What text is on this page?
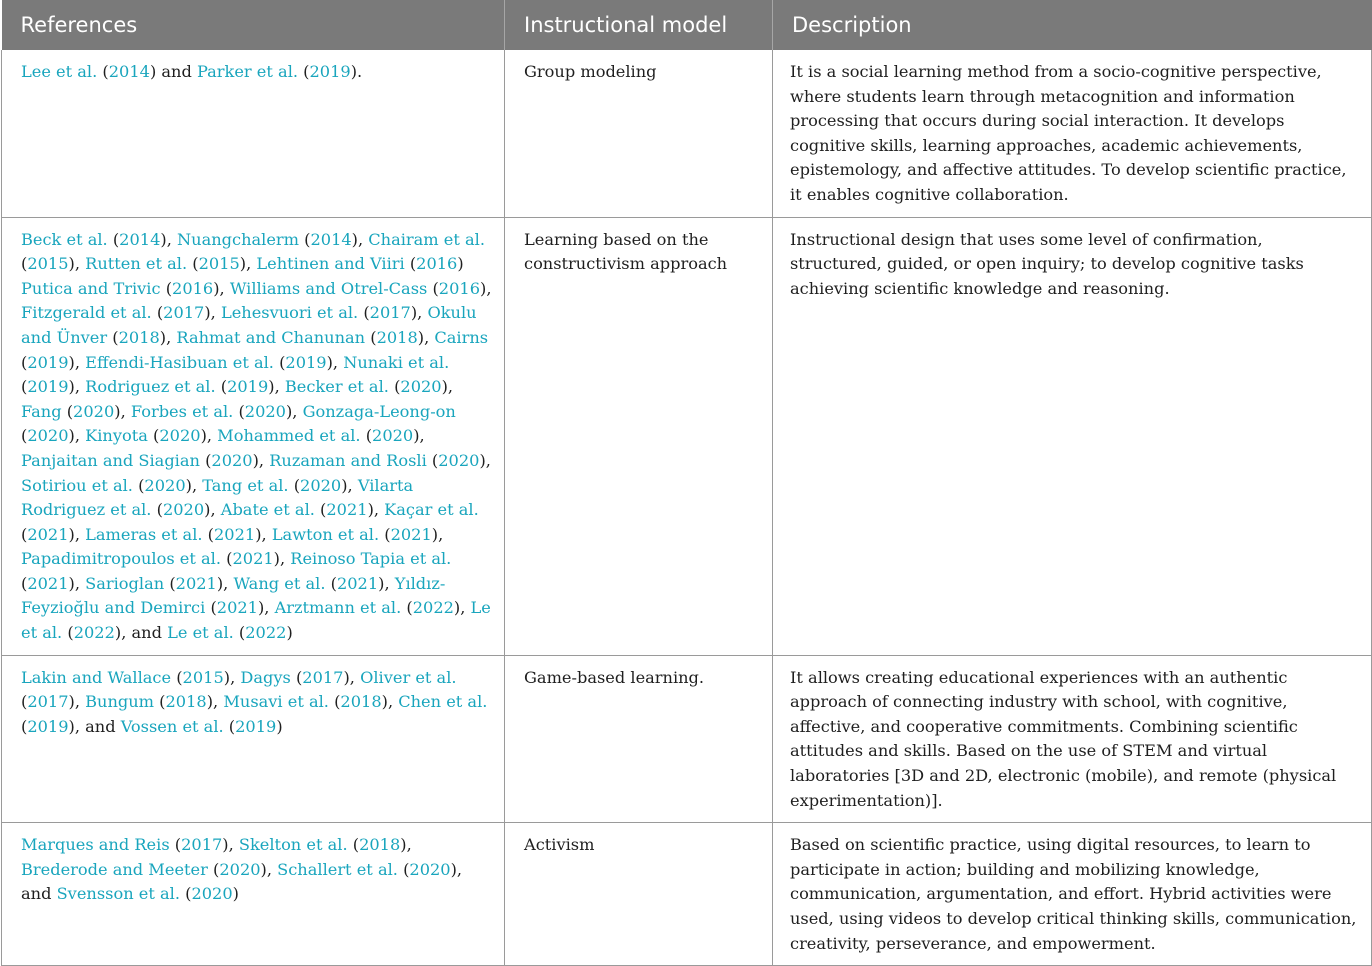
References	Instructional model	Description
Lee et al. (2014) and Parker et al. (2019).	Group modeling	It is a social learning method from a socio-cognitive perspective, where students learn through metacognition and information processing that occurs during social interaction. It develops cognitive skills, learning approaches, academic achievements, epistemology, and affective attitudes. To develop scientific practice, it enables cognitive collaboration.
Beck et al. (2014), Nuangchalerm (2014), Chairam et al. (2015), Rutten et al. (2015), Lehtinen and Viiri (2016) Putica and Trivic (2016), Williams and Otrel-Cass (2016), Fitzgerald et al. (2017), Lehesvuori et al. (2017), Okulu and Ünver (2018), Rahmat and Chanunan (2018), Cairns (2019), Effendi-Hasibuan et al. (2019), Nunaki et al. (2019), Rodriguez et al. (2019), Becker et al. (2020), Fang (2020), Forbes et al. (2020), Gonzaga-Leong-on (2020), Kinyota (2020), Mohammed et al. (2020), Panjaitan and Siagian (2020), Ruzaman and Rosli (2020), Sotiriou et al. (2020), Tang et al. (2020), Vilarta Rodriguez et al. (2020), Abate et al. (2021), Kaçar et al. (2021), Lameras et al. (2021), Lawton et al. (2021), Papadimitropoulos et al. (2021), Reinoso Tapia et al. (2021), Sarioglan (2021), Wang et al. (2021), Yıldız-Feyzioğlu and Demirci (2021), Arztmann et al. (2022), Le et al. (2022), and Le et al. (2022)	Learning based on the constructivism approach	Instructional design that uses some level of confirmation, structured, guided, or open inquiry; to develop cognitive tasks achieving scientific knowledge and reasoning.
Lakin and Wallace (2015), Dagys (2017), Oliver et al. (2017), Bungum (2018), Musavi et al. (2018), Chen et al. (2019), and Vossen et al. (2019)	Game-based learning.	It allows creating educational experiences with an authentic approach of connecting industry with school, with cognitive, affective, and cooperative commitments. Combining scientific attitudes and skills. Based on the use of STEM and virtual laboratories [3D and 2D, electronic (mobile), and remote (physical experimentation)].
Marques and Reis (2017), Skelton et al. (2018), Brederode and Meeter (2020), Schallert et al. (2020), and Svensson et al. (2020)	Activism	Based on scientific practice, using digital resources, to learn to participate in action; building and mobilizing knowledge, communication, argumentation, and effort. Hybrid activities were used, using videos to develop critical thinking skills, communication, creativity, perseverance, and empowerment.
